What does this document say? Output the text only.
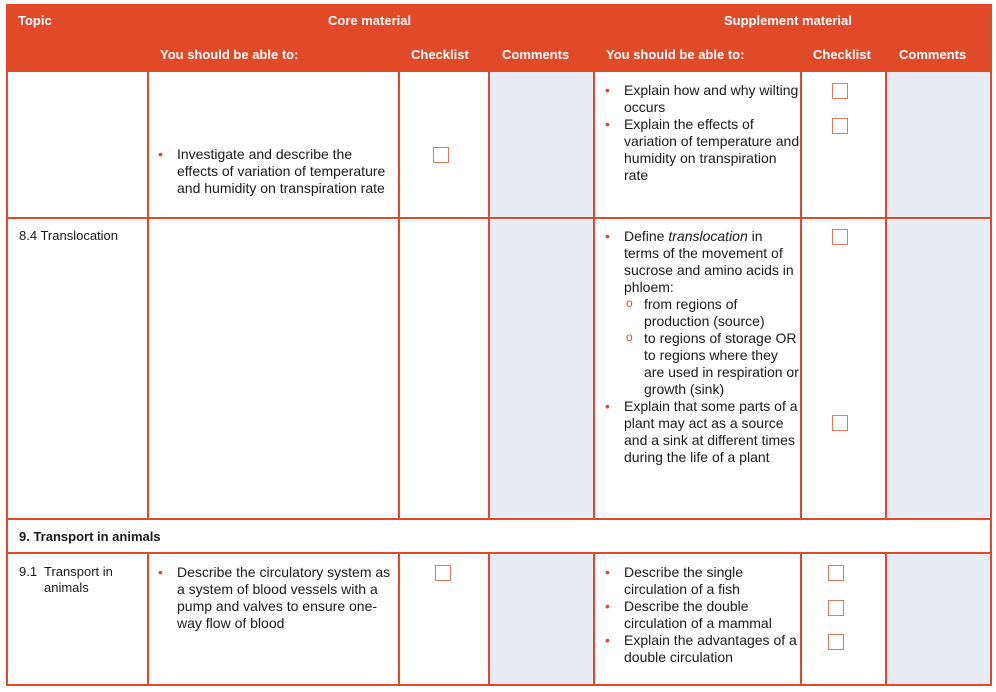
Topic	Core material	Supplement material
You should be able to:	Checklist	Comments	You should be able to:	Checklist Comments
• Investigate and describe the effects of variation of temperature and humidity on transpiration rate
• Explain how and why wilting occurs
• Explain the effects of variation of temperature and humidity on transpiration rate
8.4 Translocation
•	Define translocation in terms of the movement of sucrose and amino acids in phloem:
o from regions of production (source)
o to regions of storage OR to regions where they are used in respiration or growth (sink)
• Explain that some parts of a plant may act as a source and a sink at different times during the life of a plant
9. Transport in animals
9.1 Transport in animals
• Describe the circulatory system as a system of blood vessels with a pump and valves to ensure one- way flow of blood
• Describe the single circulation of a fish
• Describe the double circulation of a mammal
• Explain the advantages of a double circulation
